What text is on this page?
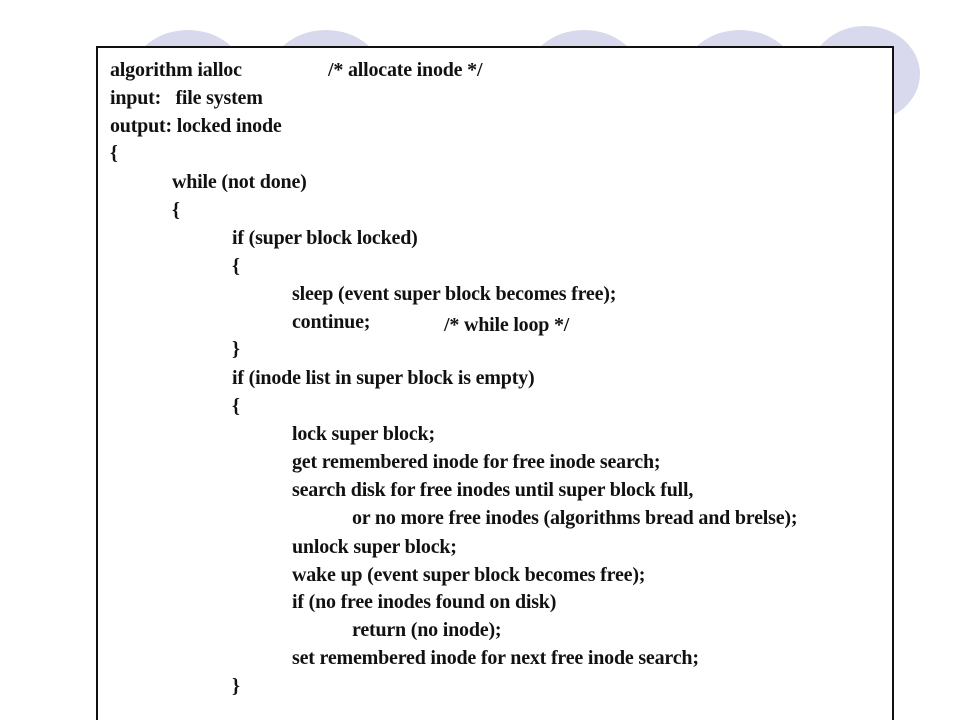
algorithm ialloc
input:   file system
output: locked inode
{
while (not done)
{
if (super block locked)
{
sleep (event super block becomes free);
continue;
}
if (inode list in super block is empty)
{
lock super block;
get remembered inode for free inode search;
search disk for free inodes until super block full,
or no more free inodes (algorithms bread and brelse);
unlock super block;
wake up (event super block becomes free);
if (no free inodes found on disk)
return (no inode);
set remembered inode for next free inode search;
}
/* allocate inode */
/* while loop */
